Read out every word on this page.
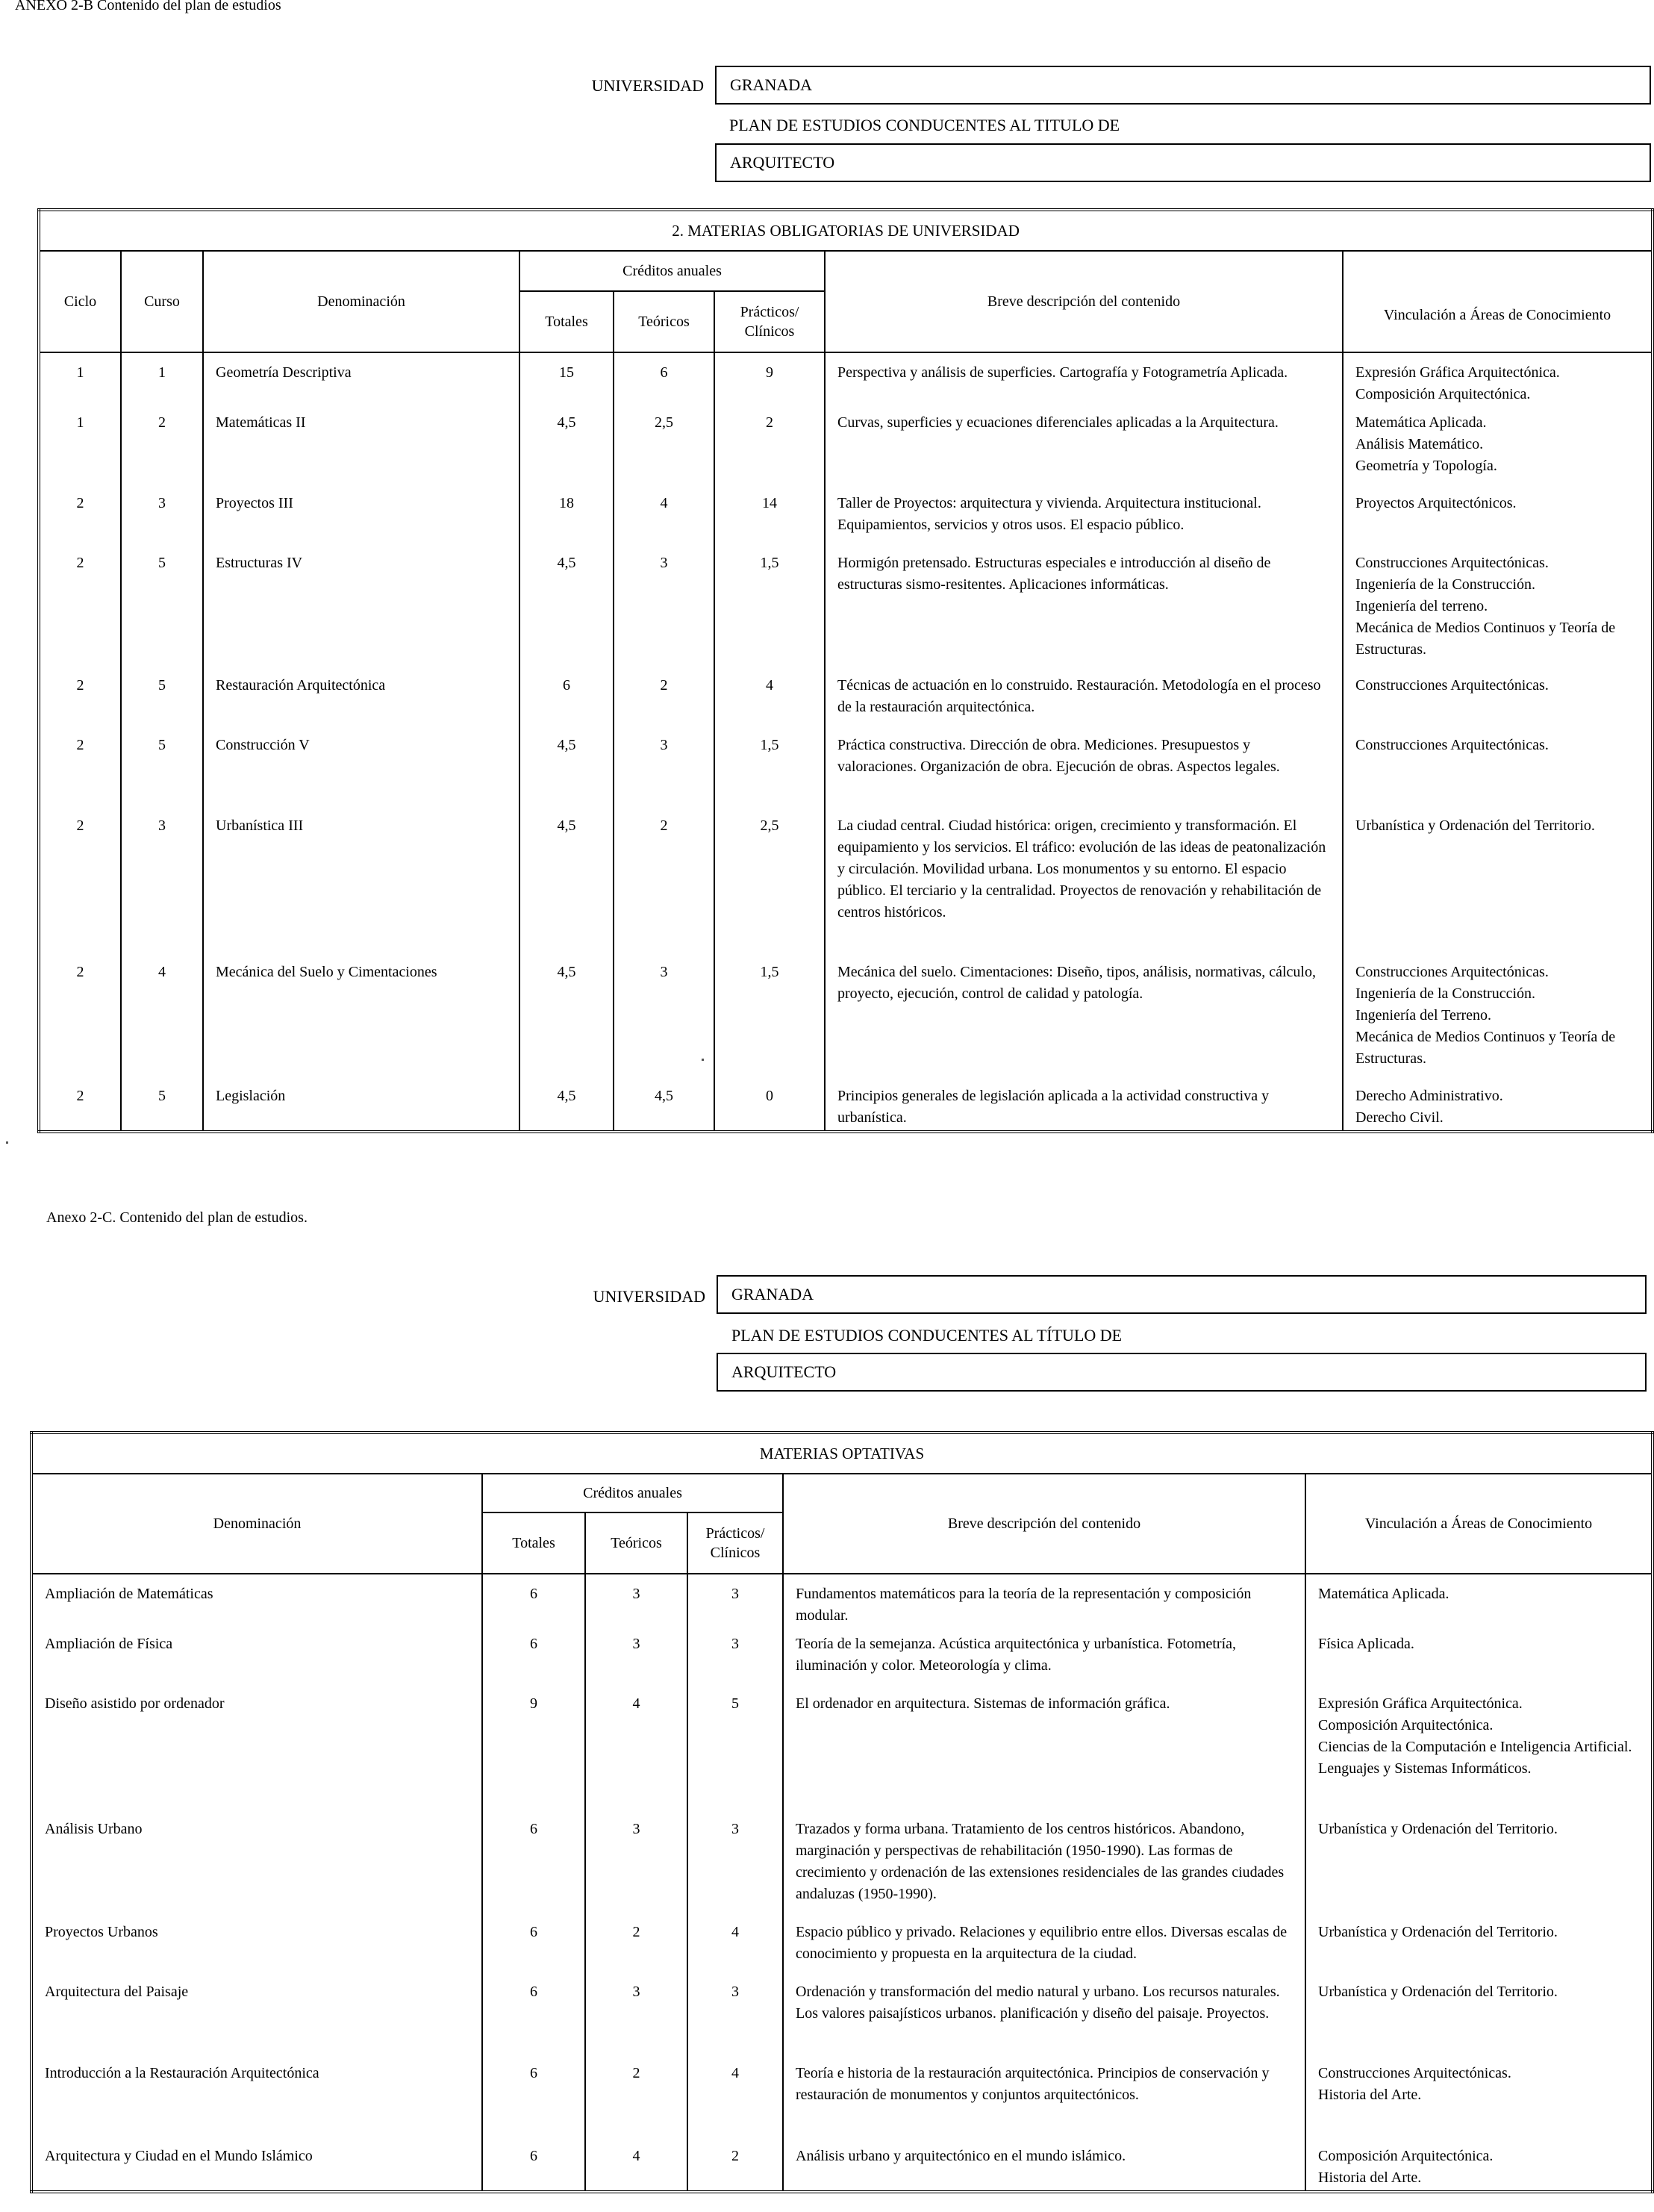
ANEXO 2-B Contenido del plan de estudios
UNIVERSIDAD GRANADA
PLAN DE ESTUDIOS CONDUCENTES AL TITULO DE
ARQUITECTO
2. MATERIAS OBLIGATORIAS DE UNIVERSIDAD							
Ciclo	Curso	Denominación	Créditos anuales			Breve descripción del contenido	Vinculación a Áreas de Conocimiento
			Totales	Teóricos	Prácticos/ Clínicos		
1	1	Geometría Descriptiva	15	6	9	Perspectiva y análisis de superficies. Cartografía y Fotogrametría Aplicada.	Expresión Gráfica Arquitectónica.
Composición Arquitectónica.

1	2	Matemáticas II	4,5	2,5	2	Curvas, superficies y ecuaciones diferenciales aplicadas a la Arquitectura.	Matemática Aplicada.
Análisis Matemático.
Geometría y Topología.

2	3	Proyectos III	18	4	14	Taller de Proyectos: arquitectura y vivienda. Arquitectura institucional. Equipamientos, servicios y otros usos. El espacio público.	Proyectos Arquitectónicos.

2	5	Estructuras IV	4,5	3	1,5	Hormigón pretensado. Estructuras especiales e introducción al diseño de estructuras sismo-resitentes. Aplicaciones informáticas.	Construcciones Arquitectónicas.
Ingeniería de la Construcción.
Ingeniería del terreno.
Mecánica de Medios Continuos y Teoría de Estructuras.

2	5	Restauración Arquitectónica	6	2	4	Técnicas de actuación en lo construido. Restauración. Metodología en el proceso de la restauración arquitectónica.	Construcciones Arquitectónicas.

2	5	Construcción V	4,5	3	1,5	Práctica constructiva. Dirección de obra. Mediciones. Presupuestos y valoraciones. Organización de obra. Ejecución de obras. Aspectos legales.	Construcciones Arquitectónicas.

2	3	Urbanística III	4,5	2	2,5	La ciudad central. Ciudad histórica: origen, crecimiento y transformación. El equipamiento y los servicios. El tráfico: evolución de las ideas de peatonalización y circulación. Movilidad urbana. Los monumentos y su entorno. El espacio público. El terciario y la centralidad. Proyectos de renovación y rehabilitación de centros históricos.	Urbanística y Ordenación del Territorio.

2	4	Mecánica del Suelo y Cimentaciones	4,5	3	1,5	Mecánica del suelo. Cimentaciones: Diseño, tipos, análisis, normativas, cálculo, proyecto, ejecución, control de calidad y patología.	Construcciones Arquitectónicas.
Ingeniería de la Construcción.
Ingeniería del Terreno.
Mecánica de Medios Continuos y Teoría de Estructuras.

2	5	Legislación	4,5	4,5	0	Principios generales de legislación aplicada a la actividad constructiva y urbanística.	Derecho Administrativo.
Derecho Civil.
Anexo 2-C. Contenido del plan de estudios.
UNIVERSIDAD GRANADA
PLAN DE ESTUDIOS CONDUCENTES AL TÍTULO DE
ARQUITECTO
MATERIAS OPTATIVAS					
Denominación	Créditos anuales			Breve descripción del contenido	Vinculación a Áreas de Conocimiento
	Totales	Teóricos	Prácticos/ Clínicos		
Ampliación de Matemáticas	6	3	3	Fundamentos matemáticos para la teoría de la representación y composición modular.	Matemática Aplicada.

Ampliación de Física	6	3	3	Teoría de la semejanza. Acústica arquitectónica y urbanística. Fotometría, iluminación y color. Meteorología y clima.	Física Aplicada.

Diseño asistido por ordenador	9	4	5	El ordenador en arquitectura. Sistemas de información gráfica.	Expresión Gráfica Arquitectónica.
Composición Arquitectónica.
Ciencias de la Computación e Inteligencia Artificial.
Lenguajes y Sistemas Informáticos.

Análisis Urbano	6	3	3	Trazados y forma urbana. Tratamiento de los centros históricos. Abandono, marginación y perspectivas de rehabilitación (1950-1990). Las formas de crecimiento y ordenación de las extensiones residenciales de las grandes ciudades andaluzas (1950-1990).	Urbanística y Ordenación del Territorio.

Proyectos Urbanos	6	2	4	Espacio público y privado. Relaciones y equilibrio entre ellos. Diversas escalas de conocimiento y propuesta en la arquitectura de la ciudad.	Urbanística y Ordenación del Territorio.

Arquitectura del Paisaje	6	3	3	Ordenación y transformación del medio natural y urbano. Los recursos naturales. Los valores paisajísticos urbanos. planificación y diseño del paisaje. Proyectos.	Urbanística y Ordenación del Territorio.

Introducción a la Restauración Arquitectónica	6	2	4	Teoría e historia de la restauración arquitectónica. Principios de conservación y restauración de monumentos y conjuntos arquitectónicos.	Construcciones Arquitectónicas.
Historia del Arte.

Arquitectura y Ciudad en el Mundo Islámico	6	4	2	Análisis urbano y arquitectónico en el mundo islámico.	Composición Arquitectónica.
Historia del Arte.
